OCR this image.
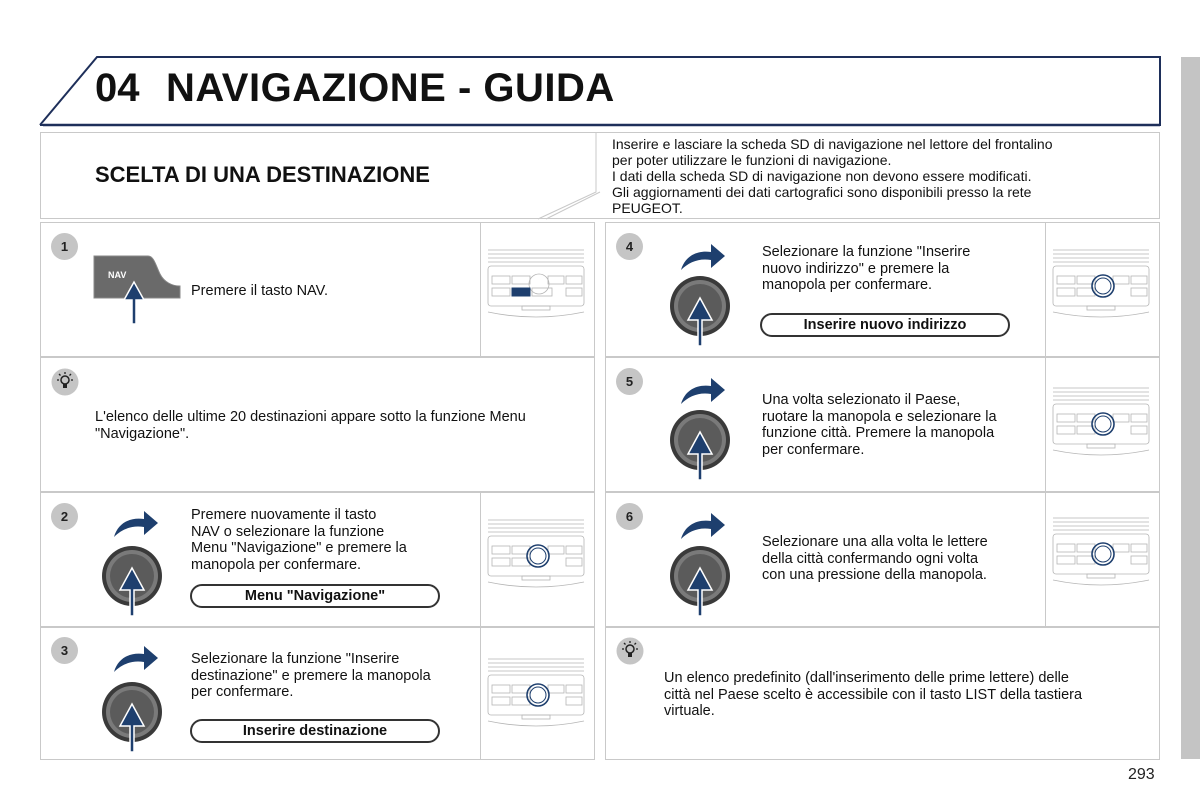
04 NAVIGAZIONE - GUIDA
SCELTA DI UNA DESTINAZIONE
Inserire e lasciare la scheda SD di navigazione nel lettore del frontalino
per poter utilizzare le funzioni di navigazione.
I dati della scheda SD di navigazione non devono essere modificati.
Gli aggiornamenti dei dati cartografici sono disponibili presso la rete
PEUGEOT.
1
NAV
Premere il tasto NAV.
L'elenco delle ultime 20 destinazioni appare sotto la funzione Menu
"Navigazione".
2	Premere nuovamente il tasto
NAV o selezionare la funzione
Menu "Navigazione" e premere la
manopola per confermare.
Menu "Navigazione"
3
Selezionare la funzione "Inserire
destinazione" e premere la manopola
per confermare.
Inserire destinazione
4	Selezionare la funzione "Inserire
nuovo indirizzo" e premere la
manopola per confermare.
Inserire nuovo indirizzo
5
Una volta selezionato il Paese,
ruotare la manopola e selezionare la
funzione città. Premere la manopola
per confermare.
6
Selezionare una alla volta le lettere
della città confermando ogni volta
con una pressione della manopola.
Un elenco predefinito (dall'inserimento delle prime lettere) delle
città nel Paese scelto è accessibile con il tasto LIST della tastiera
virtuale.
293
